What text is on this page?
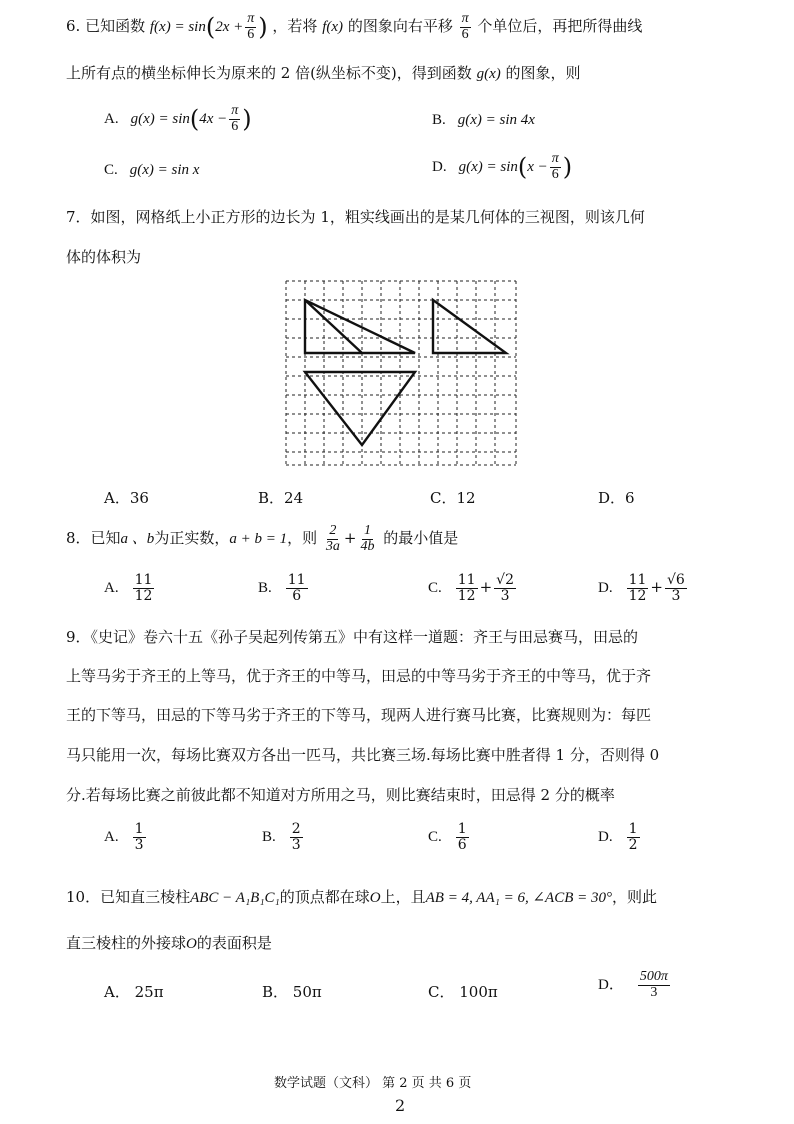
6. 已知函数 $f(x) = \sin(2x + \frac{\pi}{6}$ ) ，若将 f(x) 的图象向右平移 $\frac{\pi}{6}$ 个单位后，再把所得曲线
上所有点的横坐标伸长为原来的 2 倍(纵坐标不变)，得到函数 g(x) 的图象，则
A. $g(x) = \sin(4x - \frac{\pi}{6}$ )	B. g(x) = sin 4x
C. g(x) = sin x	D. $g(x) = \sin(x - \frac{\pi}{6}$ )
7．如图，网格纸上小正方形的边长为 1，粗实线画出的是某几何体的三视图，则该几何
体的体积为
A．36	B．24	C．12	D．6
8．已知a 、b为正实数，a + b = 1，则 $\frac{2}{3a} + \frac{1}{4b}$ 的最小值是
A. $\frac{11}{12}$	B. $\frac{11}{6}$	C. $\frac{11}{12} + \frac{√2}{3}$	D. $\frac{11}{12} + \frac{√6}{3}$
9．《史记》卷六十五《孙子吴起列传第五》中有这样一道题：齐王与田忌赛马，田忌的
上等马劣于齐王的上等马，优于齐王的中等马，田忌的中等马劣于齐王的中等马，优于齐
王的下等马，田忌的下等马劣于齐王的下等马，现两人进行赛马比赛，比赛规则为：每匹
马只能用一次，每场比赛双方各出一匹马，共比赛三场.每场比赛中胜者得 1 分，否则得 0
分.若每场比赛之前彼此都不知道对方所用之马，则比赛结束时，田忌得 2 分的概率
A. $\frac{1}{3}$	B. $\frac{2}{3}$	C. $\frac{1}{6}$	D. $\frac{1}{2}$
10．已知直三棱柱ABC − A₁B₁C₁的顶点都在球O上，且AB = 4, AA₁ = 6, ∠ACB = 30°，则此
直三棱柱的外接球O的表面积是
A． 25π	B． 50π	C． 100π	D． $\frac{500\pi}{3}$
数学试题（文科） 第 2 页 共 6 页
2
